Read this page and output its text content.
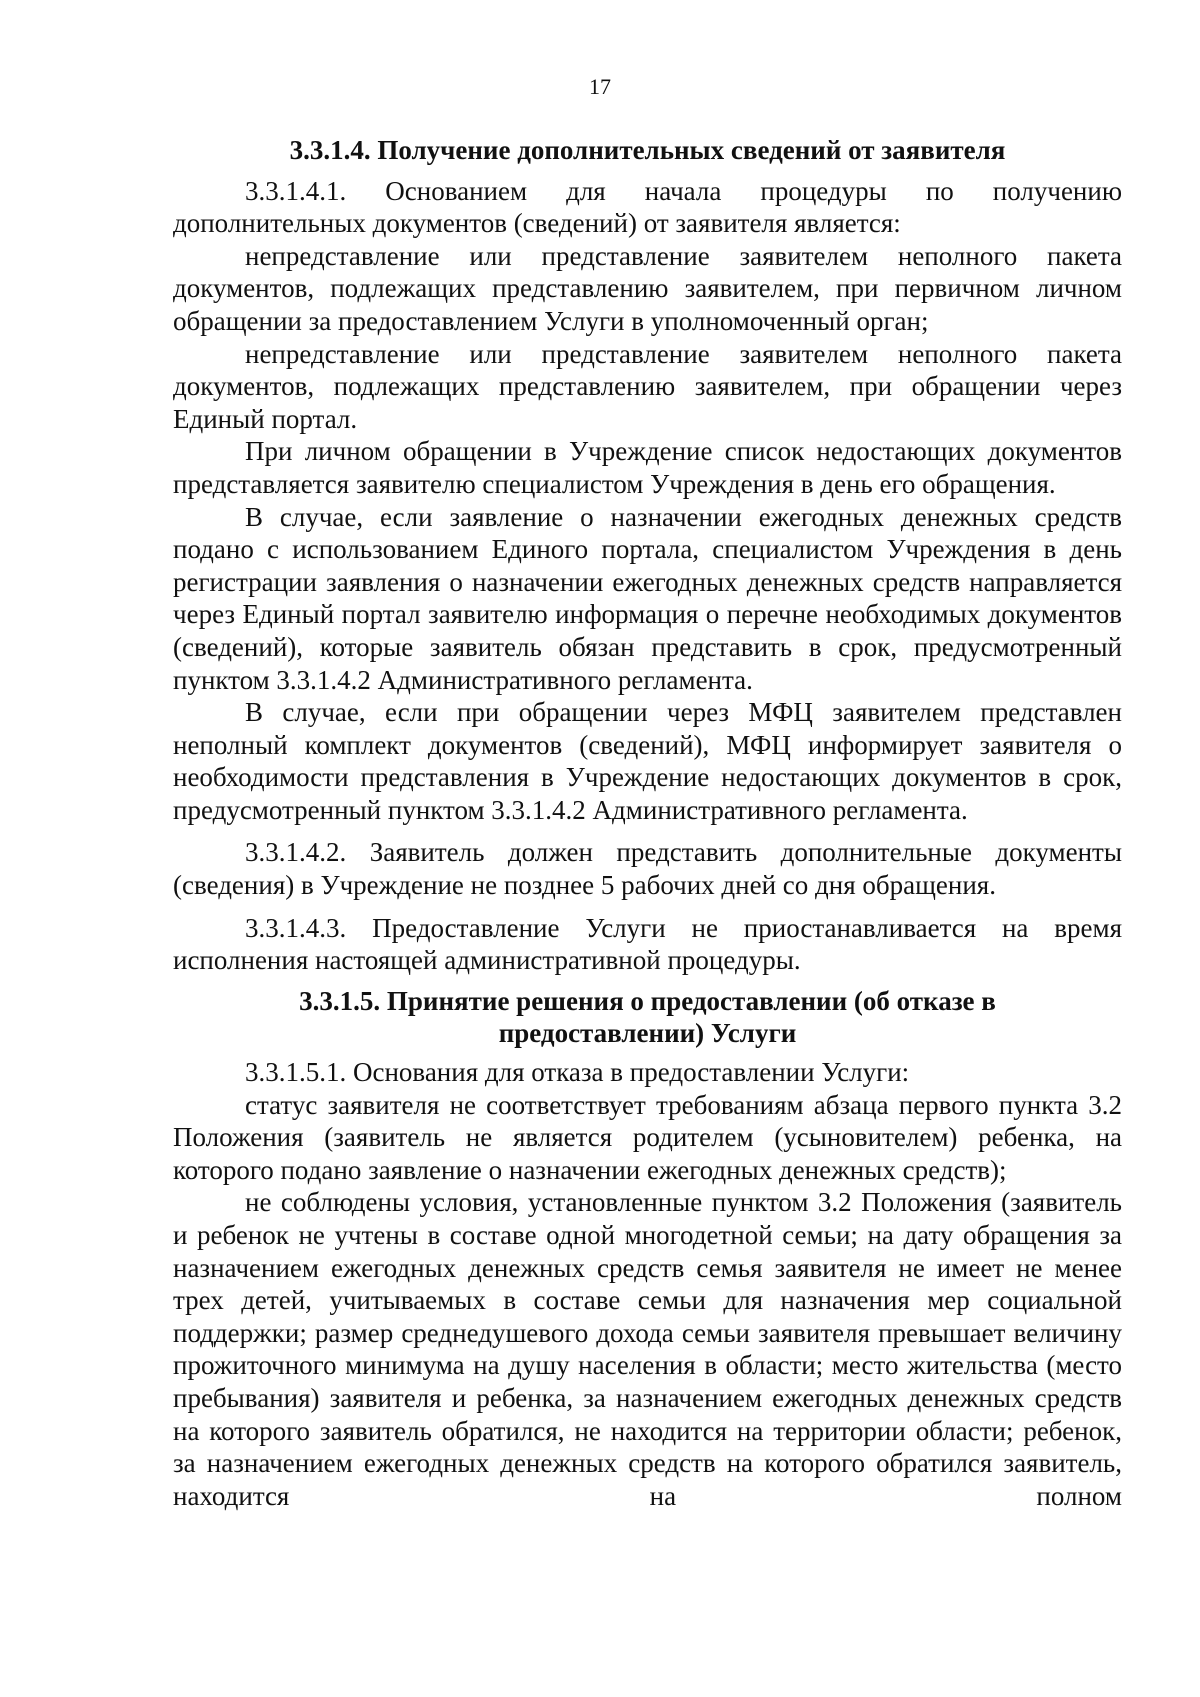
17
3.3.1.4. Получение дополнительных сведений от заявителя

3.3.1.4.1. Основанием для начала процедуры по получению дополнительных документов (сведений) от заявителя является:

непредставление или представление заявителем неполного пакета документов, подлежащих представлению заявителем, при первичном личном обращении за предоставлением Услуги в уполномоченный орган;

непредставление или представление заявителем неполного пакета документов, подлежащих представлению заявителем, при обращении через Единый портал.

При личном обращении в Учреждение список недостающих документов представляется заявителю специалистом Учреждения в день его обращения.

В случае, если заявление о назначении ежегодных денежных средств подано с использованием Единого портала, специалистом Учреждения в день регистрации заявления о назначении ежегодных денежных средств направляется через Единый портал заявителю информация о перечне необходимых документов (сведений), которые заявитель обязан представить в срок, предусмотренный пунктом 3.3.1.4.2 Административного регламента.

В случае, если при обращении через МФЦ заявителем представлен неполный комплект документов (сведений), МФЦ информирует заявителя о необходимости представления в Учреждение недостающих документов в срок, предусмотренный пунктом 3.3.1.4.2 Административного регламента.

3.3.1.4.2. Заявитель должен представить дополнительные документы (сведения) в Учреждение не позднее 5 рабочих дней со дня обращения.

3.3.1.4.3. Предоставление Услуги не приостанавливается на время исполнения настоящей административной процедуры.

3.3.1.5. Принятие решения о предоставлении (об отказе в
предоставлении) Услуги

3.3.1.5.1. Основания для отказа в предоставлении Услуги:

статус заявителя не соответствует требованиям абзаца первого пункта 3.2 Положения (заявитель не является родителем (усыновителем) ребенка, на которого подано заявление о назначении ежегодных денежных средств);

не соблюдены условия, установленные пунктом 3.2 Положения (заявитель и ребенок не учтены в составе одной многодетной семьи; на дату обращения за назначением ежегодных денежных средств семья заявителя не имеет не менее трех детей, учитываемых в составе семьи для назначения мер социальной поддержки; размер среднедушевого дохода семьи заявителя превышает величину прожиточного минимума на душу населения в области; место жительства (место пребывания) заявителя и ребенка, за назначением ежегодных денежных средств на которого заявитель обратился, не находится на территории области; ребенок, за назначением ежегодных денежных средств на которого обратился заявитель, находится на полном
